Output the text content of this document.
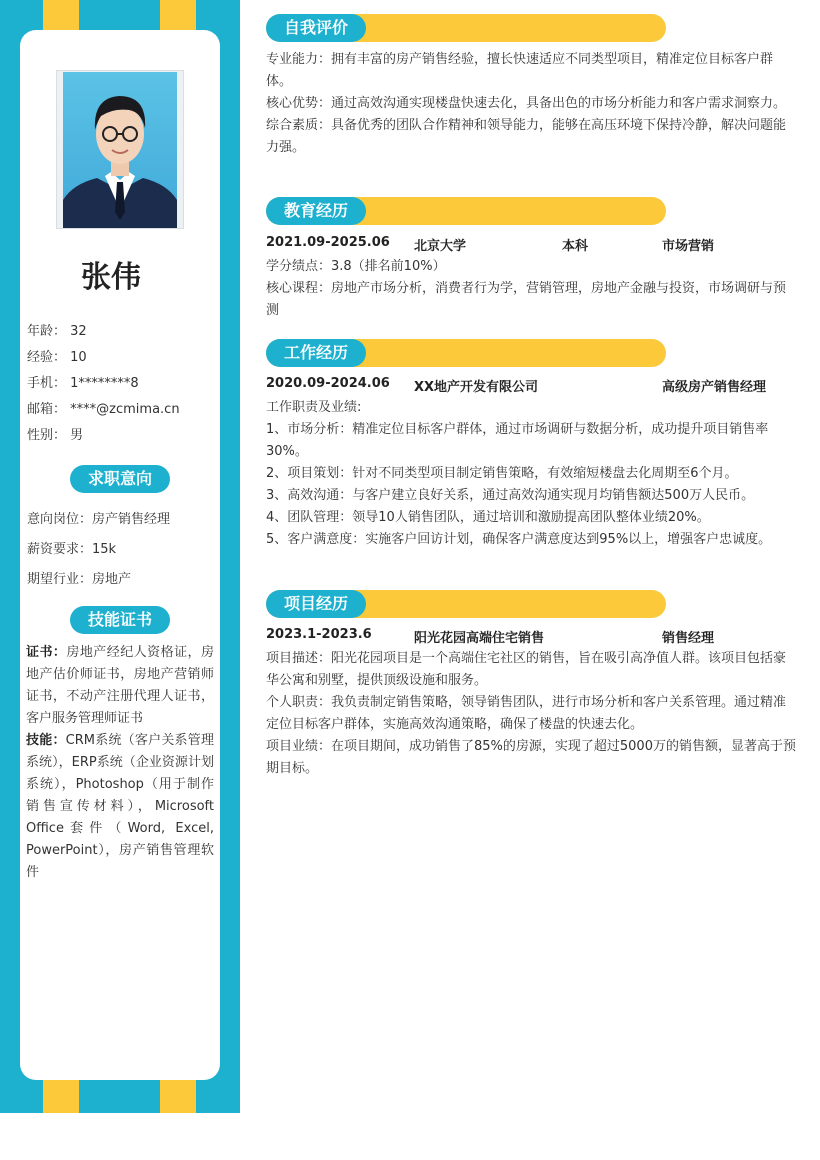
张伟
年龄： 32
经验： 10
手机： 1********8
邮箱： ****@zcmima.cn
性别： 男
求职意向
意向岗位：房产销售经理
薪资要求：15k
期望行业：房地产
技能证书

证书：房地产经纪人资格证，房地产估价师证书，房地产营销师证书，不动产注册代理人证书，客户服务管理师证书

技能：CRM系统（客户关系管理系统），ERP系统（企业资源计划系统），Photoshop（用于制作销售宣传材料），Microsoft Office套件（Word, Excel, PowerPoint），房产销售管理软件

自我评价

专业能力：拥有丰富的房产销售经验，擅长快速适应不同类型项目，精准定位目标客户群体。

核心优势：通过高效沟通实现楼盘快速去化，具备出色的市场分析能力和客户需求洞察力。

综合素质：具备优秀的团队合作精神和领导能力，能够在高压环境下保持冷静，解决问题能力强。

教育经历
2021.09-2025.06 北京大学	本科	市场营销

学分绩点：3.8（排名前10%）

核心课程：房地产市场分析，消费者行为学，营销管理，房地产金融与投资，市场调研与预测

工作经历
2020.09-2024.06 XX地产开发有限公司	高级房产销售经理

工作职责及业绩:

1、市场分析：精准定位目标客户群体，通过市场调研与数据分析，成功提升项目销售率30%。

2、项目策划：针对不同类型项目制定销售策略，有效缩短楼盘去化周期至6个月。

3、高效沟通：与客户建立良好关系，通过高效沟通实现月均销售额达500万人民币。

4、团队管理：领导10人销售团队，通过培训和激励提高团队整体业绩20%。

5、客户满意度：实施客户回访计划，确保客户满意度达到95%以上，增强客户忠诚度。

项目经历
2023.1-2023.6	阳光花园高端住宅销售	销售经理

项目描述：阳光花园项目是一个高端住宅社区的销售，旨在吸引高净值人群。该项目包括豪华公寓和别墅，提供顶级设施和服务。

个人职责：我负责制定销售策略，领导销售团队，进行市场分析和客户关系管理。通过精准定位目标客户群体，实施高效沟通策略，确保了楼盘的快速去化。

项目业绩：在项目期间，成功销售了85%的房源，实现了超过5000万的销售额，显著高于预期目标。
